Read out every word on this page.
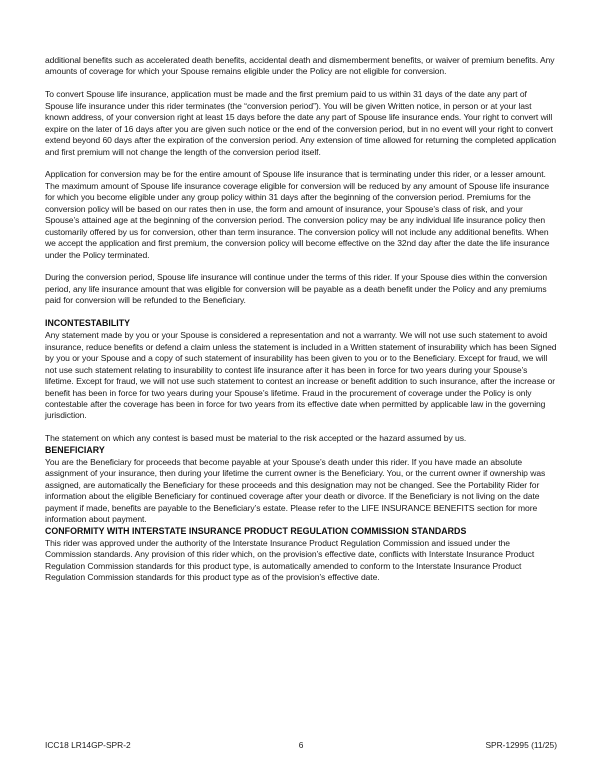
additional benefits such as accelerated death benefits, accidental death and dismemberment benefits, or waiver of premium benefits. Any amounts of coverage for which your Spouse remains eligible under the Policy are not eligible for conversion.

To convert Spouse life insurance, application must be made and the first premium paid to us within 31 days of the date any part of Spouse life insurance under this rider terminates (the “conversion period”). You will be given Written notice, in person or at your last known address, of your conversion right at least 15 days before the date any part of Spouse life insurance ends. Your right to convert will expire on the later of 16 days after you are given such notice or the end of the conversion period, but in no event will your right to convert extend beyond 60 days after the expiration of the conversion period. Any extension of time allowed for returning the completed application and first premium will not change the length of the conversion period itself.

Application for conversion may be for the entire amount of Spouse life insurance that is terminating under this rider, or a lesser amount. The maximum amount of Spouse life insurance coverage eligible for conversion will be reduced by any amount of Spouse life insurance for which you become eligible under any group policy within 31 days after the beginning of the conversion period. Premiums for the conversion policy will be based on our rates then in use, the form and amount of insurance, your Spouse’s class of risk, and your Spouse’s attained age at the beginning of the conversion period. The conversion policy may be any individual life insurance policy then customarily offered by us for conversion, other than term insurance. The conversion policy will not include any additional benefits. When we accept the application and first premium, the conversion policy will become effective on the 32nd day after the date the life insurance under the Policy terminated.

During the conversion period, Spouse life insurance will continue under the terms of this rider. If your Spouse dies within the conversion period, any life insurance amount that was eligible for conversion will be payable as a death benefit under the Policy and any premiums paid for conversion will be refunded to the Beneficiary.

INCONTESTABILITY

Any statement made by you or your Spouse is considered a representation and not a warranty. We will not use such statement to avoid insurance, reduce benefits or defend a claim unless the statement is included in a Written statement of insurability which has been Signed by you or your Spouse and a copy of such statement of insurability has been given to you or to the Beneficiary. Except for fraud, we will not use such statement relating to insurability to contest life insurance after it has been in force for two years during your Spouse’s lifetime. Except for fraud, we will not use such statement to contest an increase or benefit addition to such insurance, after the increase or benefit has been in force for two years during your Spouse’s lifetime. Fraud in the procurement of coverage under the Policy is only contestable after the coverage has been in force for two years from its effective date when permitted by applicable law in the governing jurisdiction.

The statement on which any contest is based must be material to the risk accepted or the hazard assumed by us.

BENEFICIARY

You are the Beneficiary for proceeds that become payable at your Spouse’s death under this rider. If you have made an absolute assignment of your insurance, then during your lifetime the current owner is the Beneficiary. You, or the current owner if ownership was assigned, are automatically the Beneficiary for these proceeds and this designation may not be changed. See the Portability Rider for information about the eligible Beneficiary for continued coverage after your death or divorce. If the Beneficiary is not living on the date payment if made, benefits are payable to the Beneficiary’s estate. Please refer to the LIFE INSURANCE BENEFITS section for more information about payment.

CONFORMITY WITH INTERSTATE INSURANCE PRODUCT REGULATION COMMISSION STANDARDS

This rider was approved under the authority of the Interstate Insurance Product Regulation Commission and issued under the Commission standards. Any provision of this rider which, on the provision’s effective date, conflicts with Interstate Insurance Product Regulation Commission standards for this product type, is automatically amended to conform to the Interstate Insurance Product Regulation Commission standards for this product type as of the provision’s effective date.

ICC18 LR14GP-SPR-2	6	SPR-12995 (11/25)
